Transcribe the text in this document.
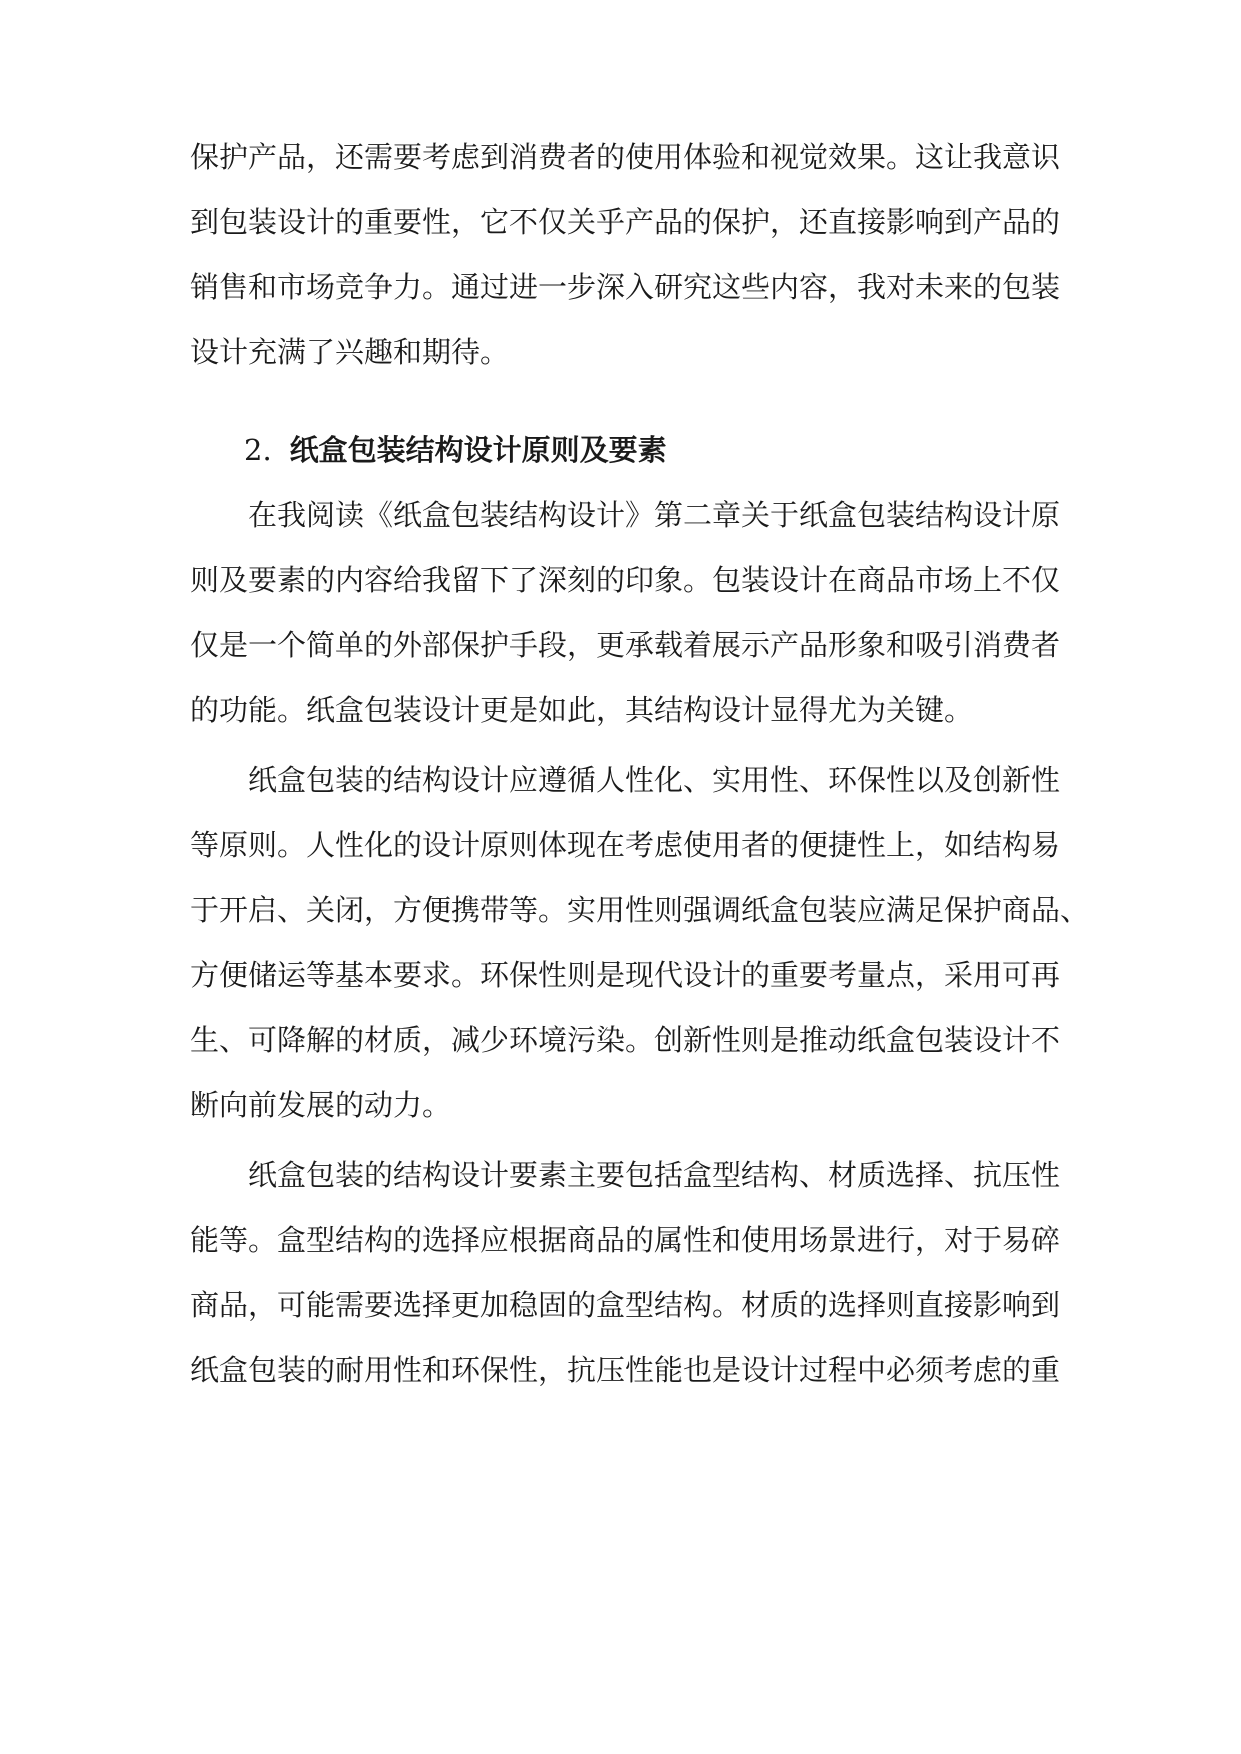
保护产品，还需要考虑到消费者的使用体验和视觉效果。这让我意识
到包装设计的重要性，它不仅关乎产品的保护，还直接影响到产品的
销售和市场竞争力。通过进一步深入研究这些内容，我对未来的包装
设计充满了兴趣和期待。
2. 纸盒包装结构设计原则及要素
在我阅读《纸盒包装结构设计》第二章关于纸盒包装结构设计原
则及要素的内容给我留下了深刻的印象。包装设计在商品市场上不仅
仅是一个简单的外部保护手段，更承载着展示产品形象和吸引消费者
的功能。纸盒包装设计更是如此，其结构设计显得尤为关键。
纸盒包装的结构设计应遵循人性化、实用性、环保性以及创新性
等原则。人性化的设计原则体现在考虑使用者的便捷性上，如结构易
于开启、关闭，方便携带等。实用性则强调纸盒包装应满足保护商品、
方便储运等基本要求。环保性则是现代设计的重要考量点，采用可再
生、可降解的材质，减少环境污染。创新性则是推动纸盒包装设计不
断向前发展的动力。
纸盒包装的结构设计要素主要包括盒型结构、材质选择、抗压性
能等。盒型结构的选择应根据商品的属性和使用场景进行，对于易碎
商品，可能需要选择更加稳固的盒型结构。材质的选择则直接影响到
纸盒包装的耐用性和环保性，抗压性能也是设计过程中必须考虑的重
